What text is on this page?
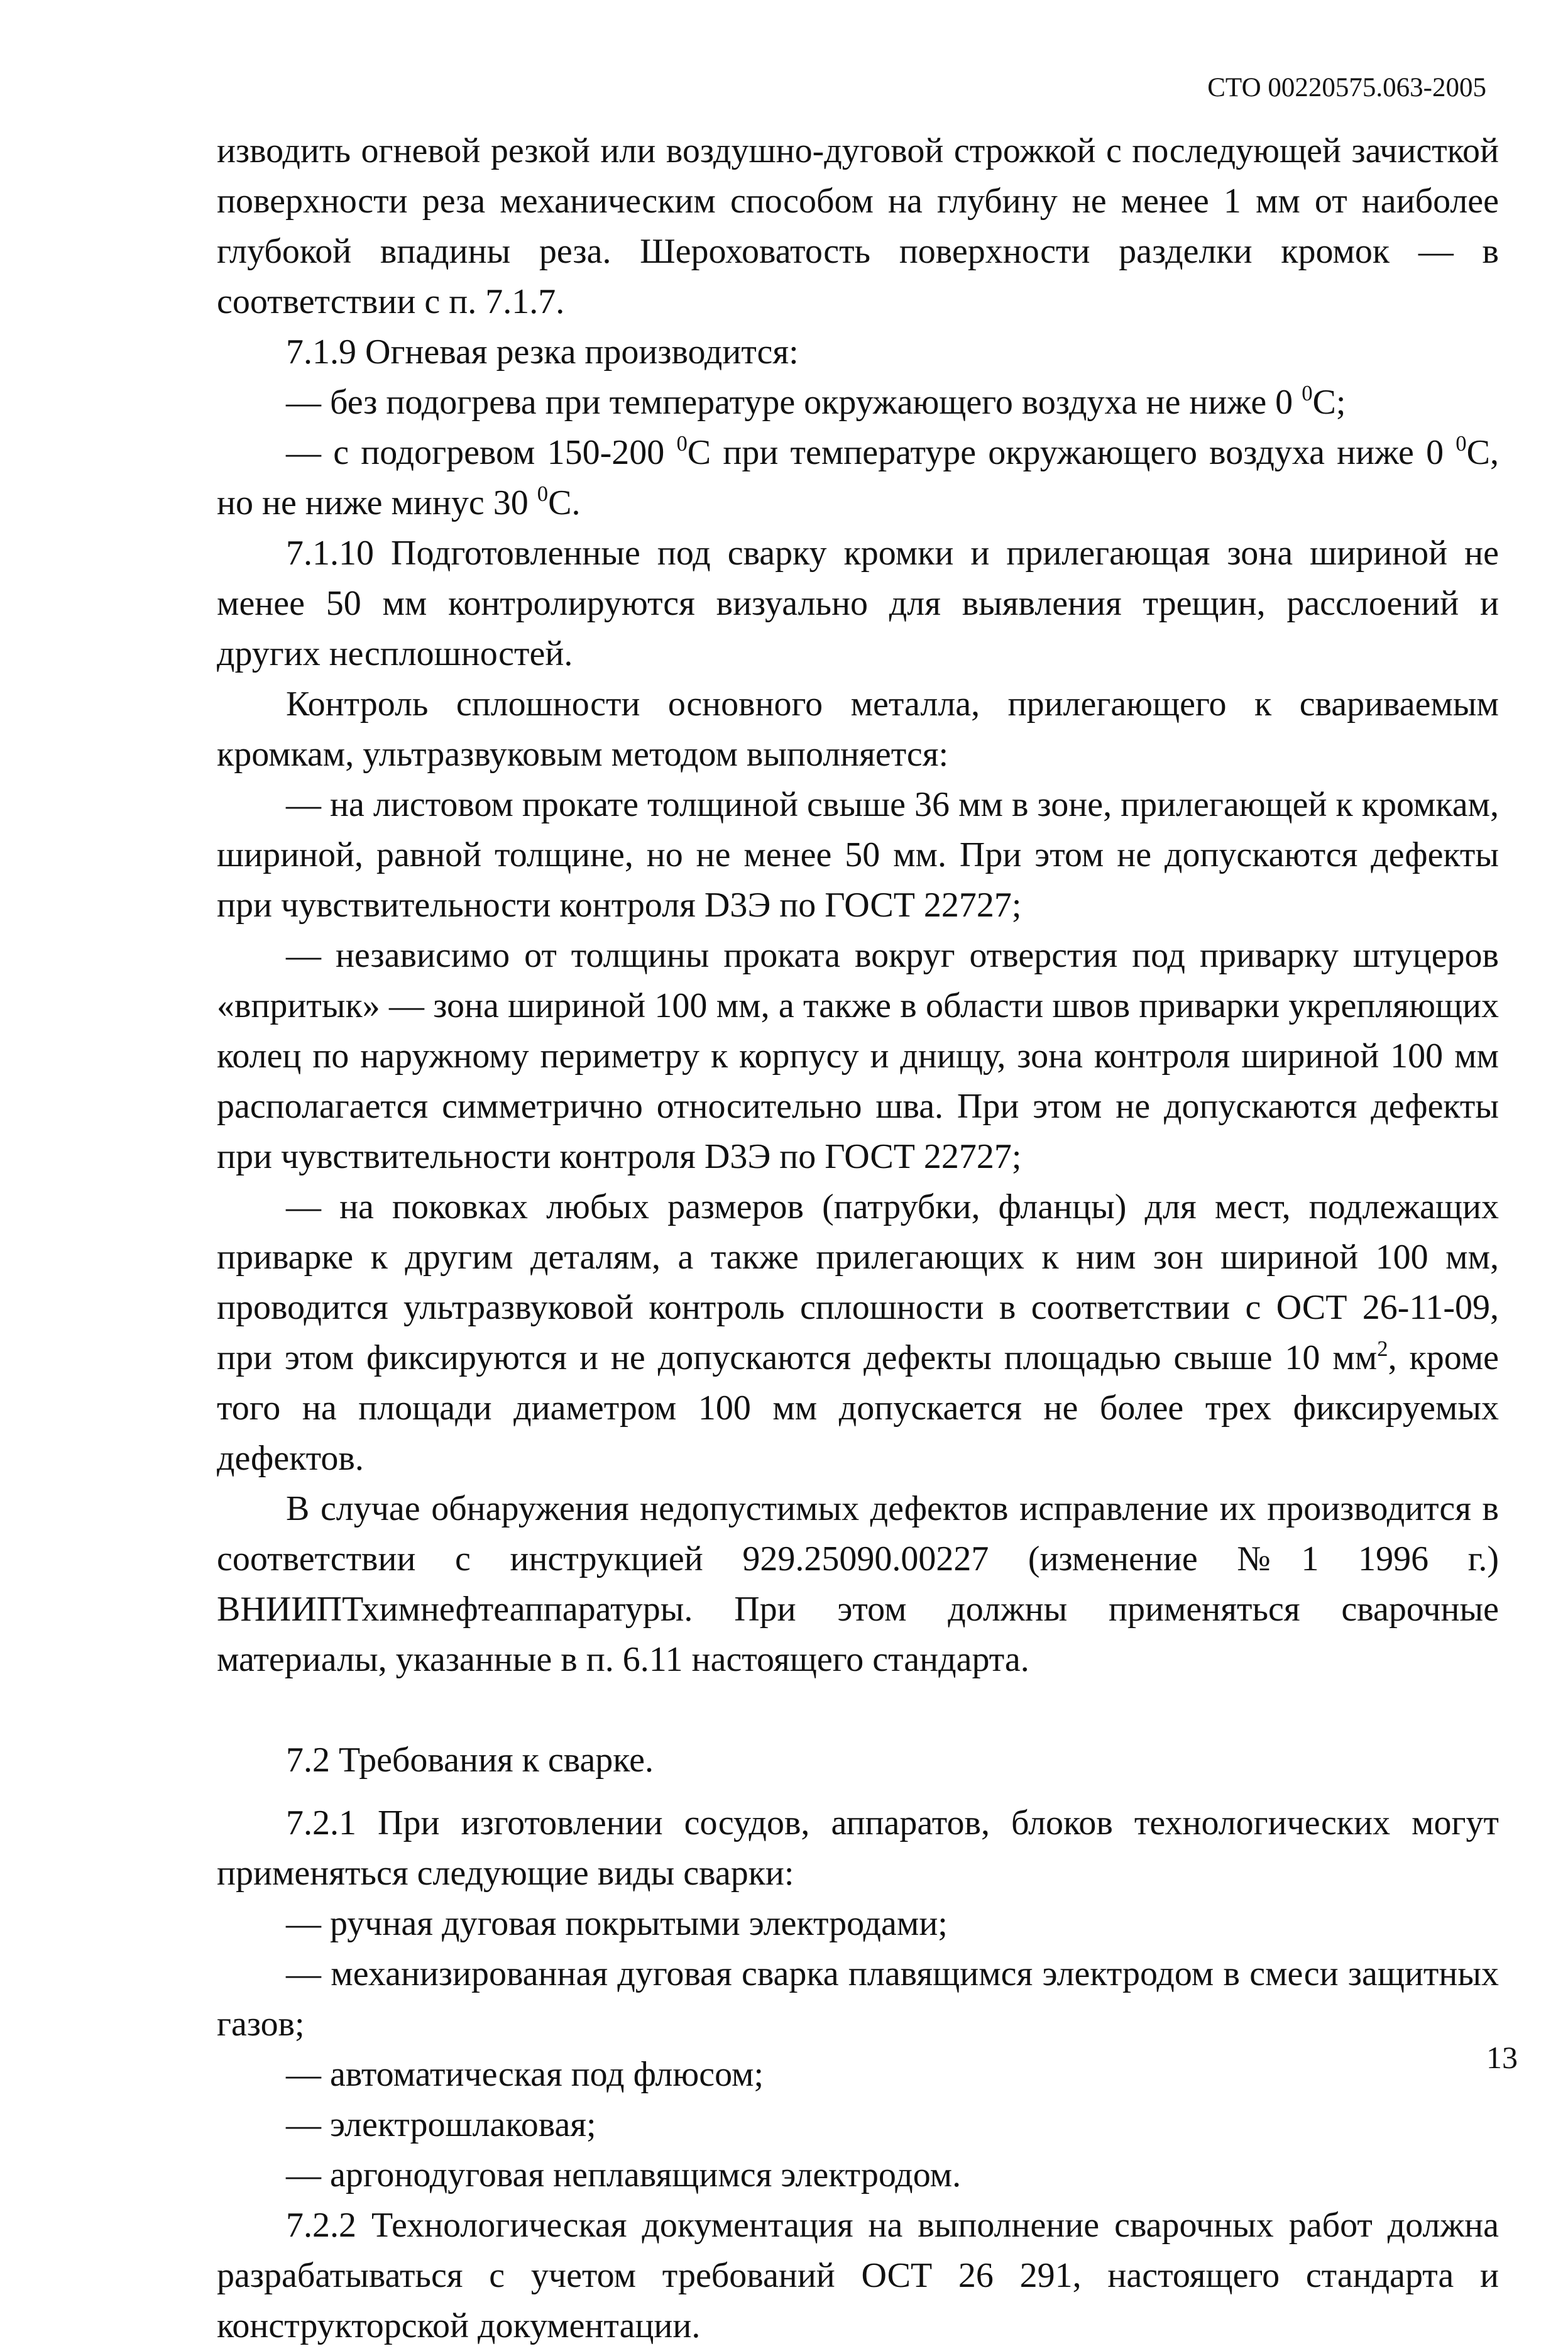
СТО 00220575.063-2005

изводить огневой резкой или воздушно-дуговой строжкой с последующей зачисткой поверхности реза механическим способом на глубину не менее 1 мм от наиболее глубокой впадины реза. Шероховатость поверхности разделки кромок — в соответствии с п. 7.1.7.

7.1.9 Огневая резка производится:

— без подогрева при температуре окружающего воздуха не ниже 0 $^0$С;

— с подогревом 150-200 $^0$С при температуре окружающего воздуха ниже 0 $^0$С, но не ниже минус 30 $^0$С.

7.1.10 Подготовленные под сварку кромки и прилегающая зона шириной не менее 50 мм контролируются визуально для выявления трещин, расслоений и других несплошностей.

Контроль сплошности основного металла, прилегающего к свариваемым кромкам, ультразвуковым методом выполняется:

— на листовом прокате толщиной свыше 36 мм в зоне, прилегающей к кромкам, шириной, равной толщине, но не менее 50 мм. При этом не допускаются дефекты при чувствительности контроля D3Э по ГОСТ 22727;

— независимо от толщины проката вокруг отверстия под приварку штуцеров «впритык» — зона шириной 100 мм, а также в области швов приварки укрепляющих колец по наружному периметру к корпусу и днищу, зона контроля шириной 100 мм располагается симметрично относительно шва. При этом не допускаются дефекты при чувствительности контроля D3Э по ГОСТ 22727;

— на поковках любых размеров (патрубки, фланцы) для мест, подлежащих приварке к другим деталям, а также прилегающих к ним зон шириной 100 мм, проводится ультразвуковой контроль сплошности в соответствии с ОСТ 26-11-09, при этом фиксируются и не допускаются дефекты площадью свыше 10 $мм^2$, кроме того на площади диаметром 100 мм допускается не более трех фиксируемых дефектов.

В случае обнаружения недопустимых дефектов исправление их производится в соответствии с инструкцией 929.25090.00227 (изменение №1 1996 г.) ВНИИПТхимнефтеаппаратуры. При этом должны применяться сварочные материалы, указанные в п. 6.11 настоящего стандарта.

7.2 Требования к сварке.

7.2.1 При изготовлении сосудов, аппаратов, блоков технологических могут применяться следующие виды сварки:

— ручная дуговая покрытыми электродами;

— механизированная дуговая сварка плавящимся электродом в смеси защитных газов;

— автоматическая под флюсом;

— электрошлаковая;

— аргонодуговая неплавящимся электродом.

7.2.2 Технологическая документация на выполнение сварочных работ должна разрабатываться с учетом требований ОСТ 26 291, настоящего стандарта и конструкторской документации.

13
